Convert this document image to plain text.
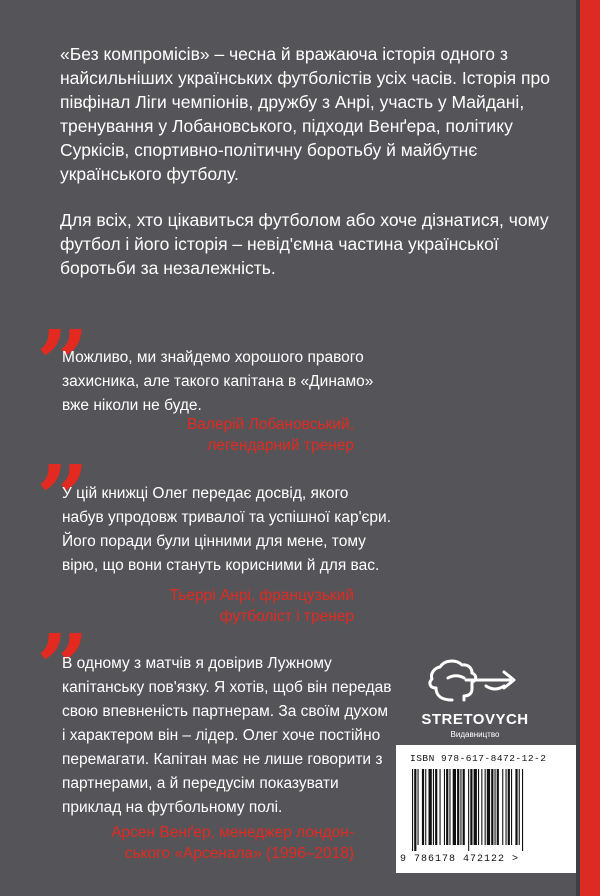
«Без компромісів» – чесна й вражаюча історія одного з найсильніших українських футболістів усіх часів. Історія про півфінал Ліги чемпіонів, дружбу з Анрі, участь у Майдані, тренування у Лобановського, підходи Венґера, політику Суркісів, спортивно-політичну боротьбу й майбутнє українського футболу.

Для всіх, хто цікавиться футболом або хоче дізнатися, чому футбол і його історія – невід'ємна частина української боротьби за незалежність.

”

Можливо, ми знайдемо хорошого правого захисника, але такого капітана в «Динамо» вже ніколи не буде.

Валерій Лобановський,
легендарний тренер
”

У цій книжці Олег передає досвід, якого набув упродовж тривалої та успішної кар'єри. Його поради були цінними для мене, тому вірю, що вони стануть корисними й для вас.

Тьеррі Анрі, французький
футболіст і тренер
”

В одному з матчів я довірив Лужному капітанську пов'язку. Я хотів, щоб він передав свою впевненість партнерам. За своїм духом і характером він – лідер. Олег хоче постійно перемагати. Капітан має не лише говорити з партнерами, а й передусім показувати приклад на футбольному полі.

Арсен Венґер, менеджер лондон-
ського «Арсенала» (1996–2018)
STRETOVYCH
Видавництво
ISBN 978-617-8472-12-2
9 786178 472122 >
